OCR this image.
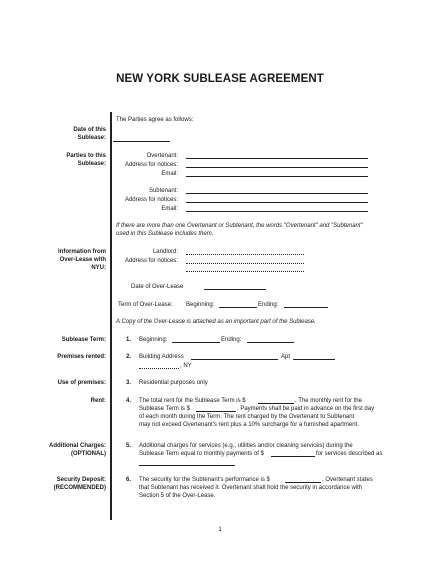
NEW YORK SUBLEASE AGREEMENT
The Parties agree as follows:
Date of this
Sublease:
Parties to this
Sublease:
Overtenant:
Address for notices:
Email:
Subtenant:
Address for notices:
Email:
If there are more than one Overtenant or Subtenant, the words "Overtenant" and "Subtenant"
used in this Sublease includes them.
Information from
Over-Lease with
NYU:
Landlord:
Address for notices:
Date of Over-Lease
Term of Over-Lease: Beginning:	Ending:
A Copy of the Over-Lease is attached as an important part of the Sublease.
Sublease Term:	1. Beginning:	Ending:
Premises rented:	2. Building Address	Apt
, NY
Use of premises:	3. Residential purposes only
Rent:	4. The total rent for the Sublease Term is $	. The monthly rent for the
Sublease Term is $	. Payments shall be paid in advance on the first day
of each month during the Term. The rent charged by the Overtenant to Subtenant
may not exceed Overtenant's rent plus a 10% surcharge for a furnished apartment.
Additional Charges:
(OPTIONAL)
5. Additional charges for services (e.g., utilities and/or cleaning services) during the
Sublease Term equal to monthly payments of $	for services described as
Security Deposit:
(RECOMMENDED)
6. The security for the Subtenant's performance is $	. Overtenant states
that Subtenant has received it. Overtenant shall hold the security in accordance with
Section 5 of the Over-Lease.
1
